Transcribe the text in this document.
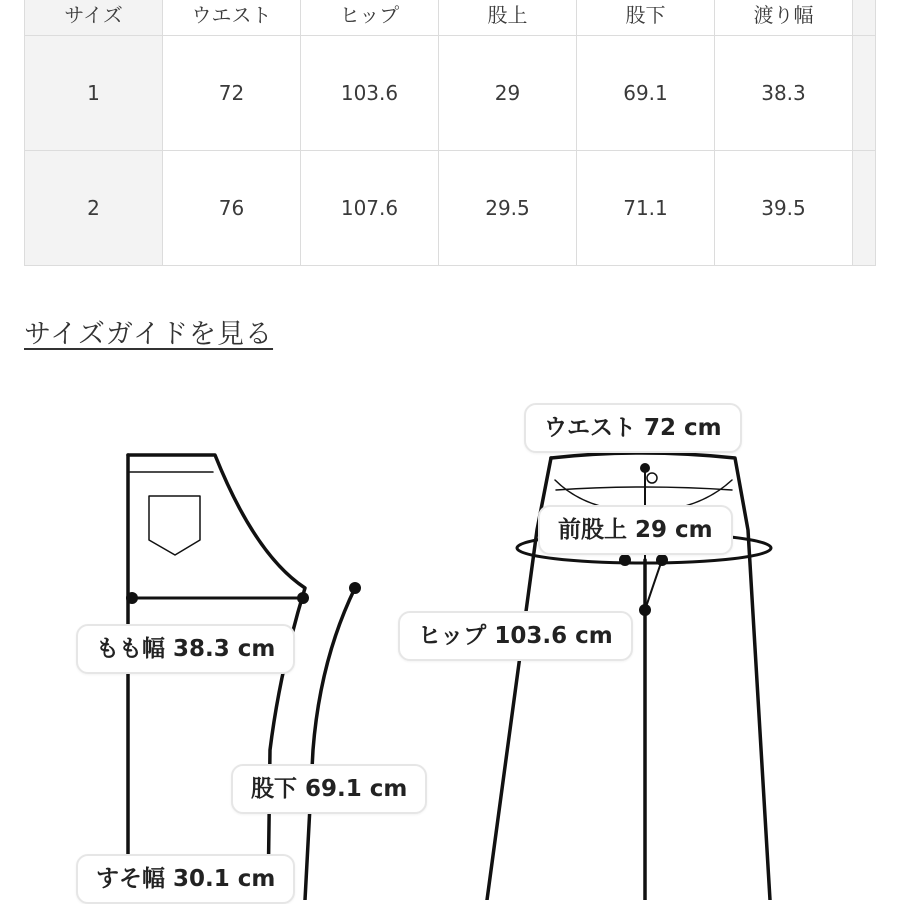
サイズ	ウエスト	ヒップ	股上	股下	渡り幅	
1	72	103.6	29	69.1	38.3	
2	76	107.6	29.5	71.1	39.5	
サイズガイドを見る
ウエスト 72 cm
前股上 29 cm
ヒップ 103.6 cm
もも幅 38.3 cm
股下 69.1 cm
すそ幅 30.1 cm
